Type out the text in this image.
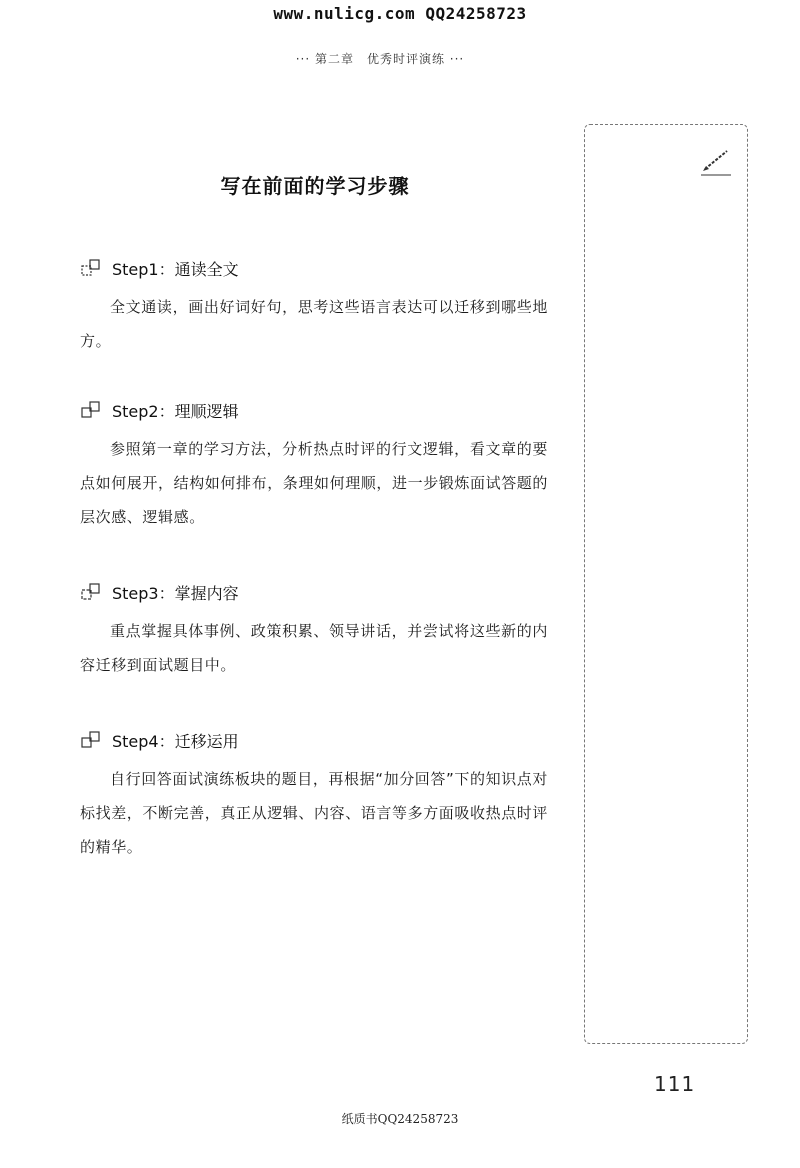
www.nulicg.com QQ24258723
··· 第二章　优秀时评演练 ···
写在前面的学习步骤
Step1：通读全文
全文通读，画出好词好句，思考这些语言表达可以迁移到哪些地方。
Step2：理顺逻辑
参照第一章的学习方法，分析热点时评的行文逻辑，看文章的要点如何展开，结构如何排布，条理如何理顺，进一步锻炼面试答题的层次感、逻辑感。
Step3：掌握内容
重点掌握具体事例、政策积累、领导讲话，并尝试将这些新的内容迁移到面试题目中。
Step4：迁移运用
自行回答面试演练板块的题目，再根据“加分回答”下的知识点对标找差，不断完善，真正从逻辑、内容、语言等多方面吸收热点时评的精华。
111
纸质书QQ24258723
